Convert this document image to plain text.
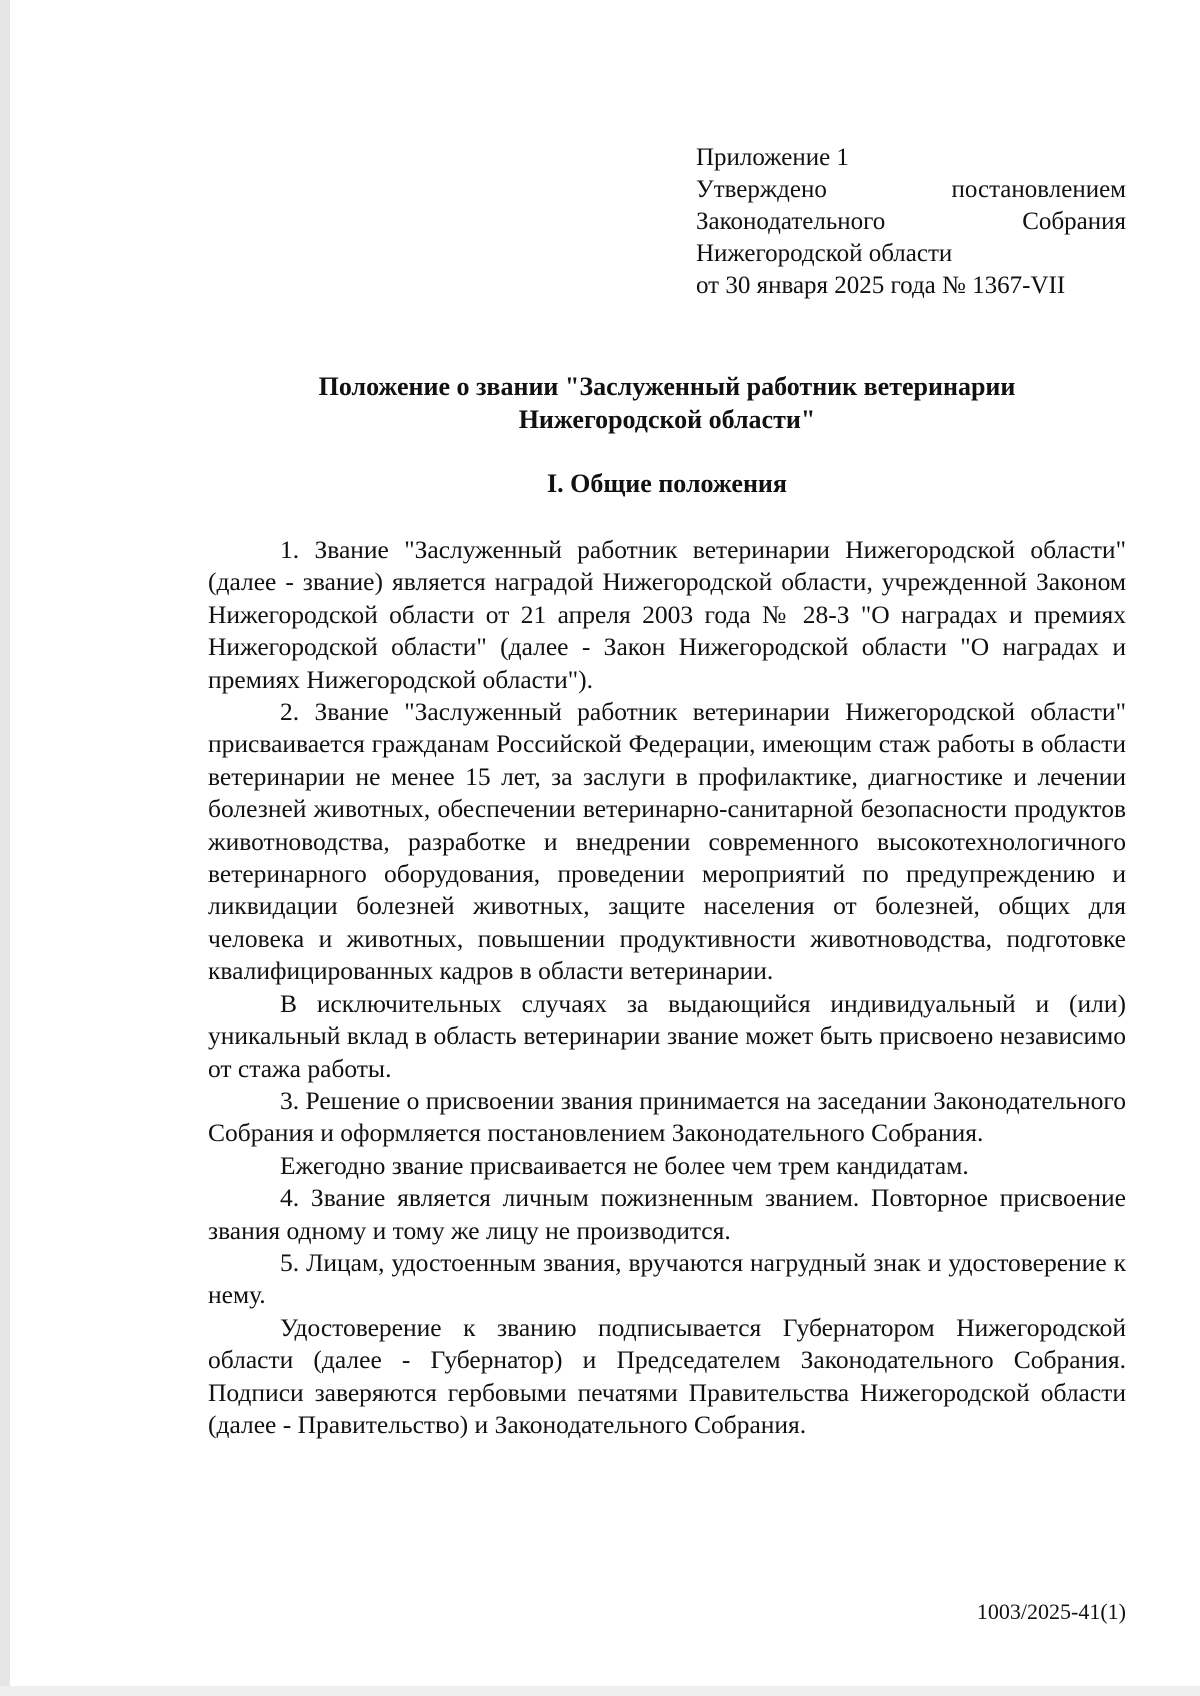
Приложение 1
Утверждено постановлением
Законодательного Собрания
Нижегородской области
от 30 января 2025 года № 1367-VII
Положение о звании "Заслуженный работник ветеринарии
Нижегородской области"
I. Общие положения

1. Звание "Заслуженный работник ветеринарии Нижегородской области" (далее - звание) является наградой Нижегородской области, учрежденной Законом Нижегородской области от 21 апреля 2003 года № 28-З "О наградах и премиях Нижегородской области" (далее - Закон Нижегородской области "О наградах и премиях Нижегородской области").

2. Звание "Заслуженный работник ветеринарии Нижегородской области" присваивается гражданам Российской Федерации, имеющим стаж работы в области ветеринарии не менее 15 лет, за заслуги в профилактике, диагностике и лечении болезней животных, обеспечении ветеринарно-санитарной безопасности продуктов животноводства, разработке и внедрении современного высокотехнологичного ветеринарного оборудования, проведении мероприятий по предупреждению и ликвидации болезней животных, защите населения от болезней, общих для человека и животных, повышении продуктивности животноводства, подготовке квалифицированных кадров в области ветеринарии.

В исключительных случаях за выдающийся индивидуальный и (или) уникальный вклад в область ветеринарии звание может быть присвоено независимо от стажа работы.

3. Решение о присвоении звания принимается на заседании Законодательного Собрания и оформляется постановлением Законодательного Собрания.

Ежегодно звание присваивается не более чем трем кандидатам.

4. Звание является личным пожизненным званием. Повторное присвоение звания одному и тому же лицу не производится.

5. Лицам, удостоенным звания, вручаются нагрудный знак и удостоверение к нему.

Удостоверение к званию подписывается Губернатором Нижегородской области (далее - Губернатор) и Председателем Законодательного Собрания. Подписи заверяются гербовыми печатями Правительства Нижегородской области (далее - Правительство) и Законодательного Собрания.

1003/2025-41(1)
